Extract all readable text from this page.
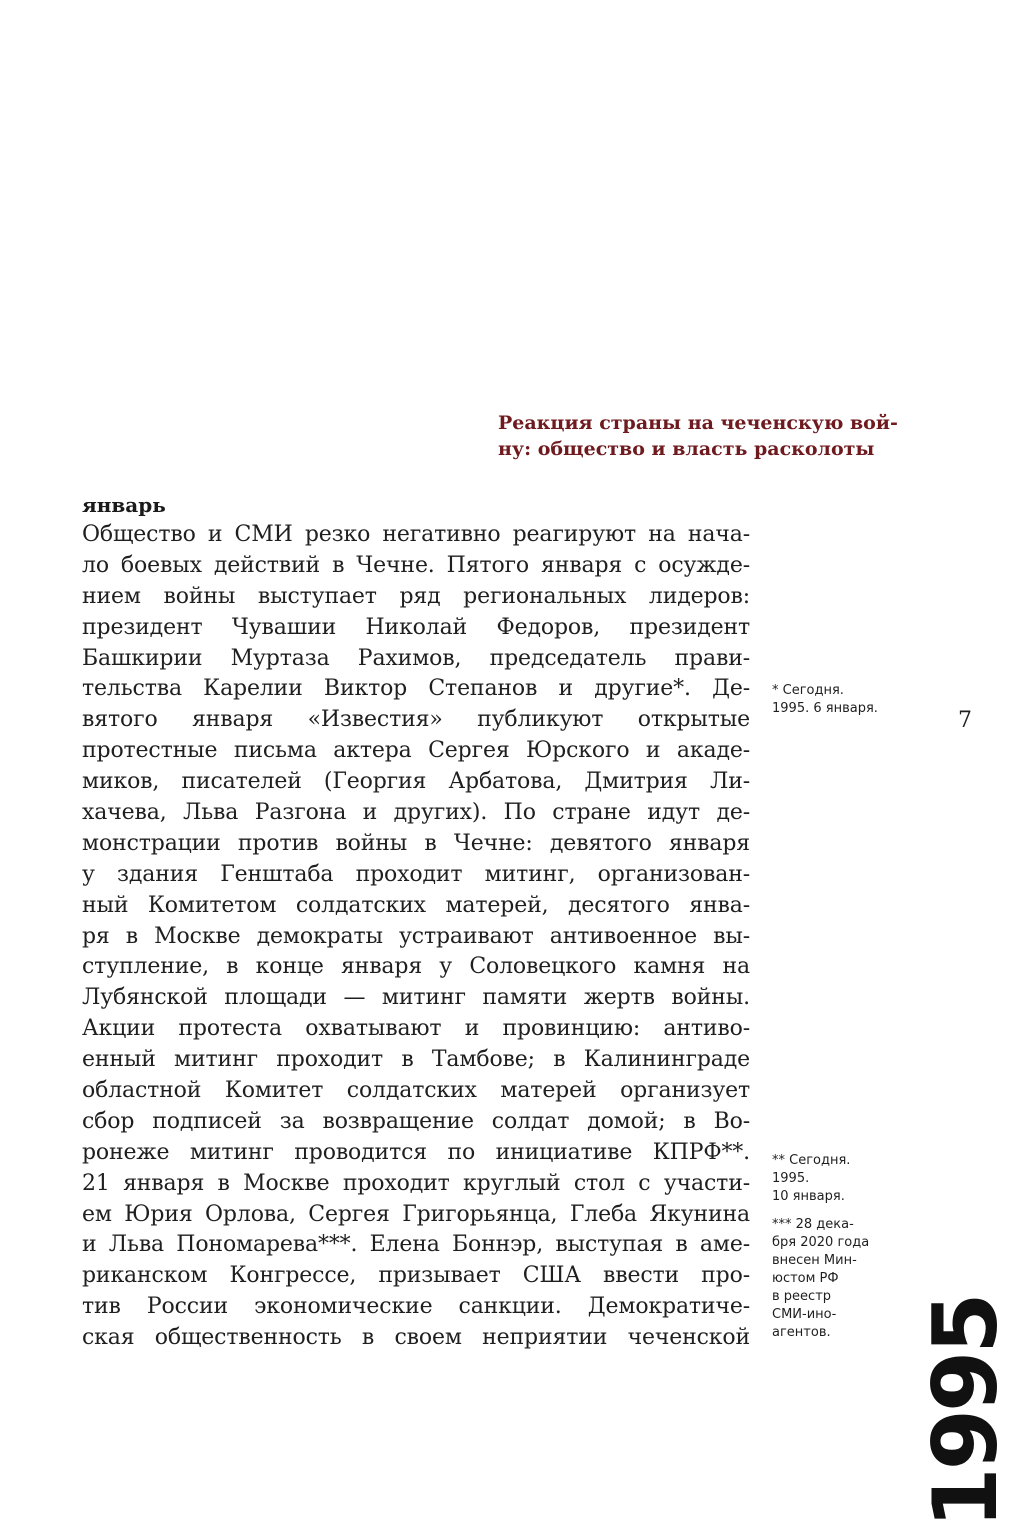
Реакция страны на чеченскую вой-
ну: общество и власть расколоты
январь
Общество и СМИ резко негативно реагируют на нача-
ло боевых действий в Чечне. Пятого января с осужде-
нием войны выступает ряд региональных лидеров:
президент Чувашии Николай Федоров, президент
Башкирии Муртаза Рахимов, председатель прави-
тельства Карелии Виктор Степанов и другие*. Де-
вятого января «Известия» публикуют открытые
протестные письма актера Сергея Юрского и акаде-
миков, писателей (Георгия Арбатова, Дмитрия Ли-
хачева, Льва Разгона и других). По стране идут де-
монстрации против войны в Чечне: девятого января
у здания Генштаба проходит митинг, организован-
ный Комитетом солдатских матерей, десятого янва-
ря в Москве демократы устраивают антивоенное вы-
ступление, в конце января у Соловецкого камня на
Лубянской площади — митинг памяти жертв войны.
Акции протеста охватывают и провинцию: антиво-
енный митинг проходит в Тамбове; в Калининграде
областной Комитет солдатских матерей организует
сбор подписей за возвращение солдат домой; в Во-
ронеже митинг проводится по инициативе КПРФ**.
21 января в Москве проходит круглый стол с участи-
ем Юрия Орлова, Сергея Григорьянца, Глеба Якунина
и Льва Пономарева***. Елена Боннэр, выступая в аме-
риканском Конгрессе, призывает США ввести про-
тив России экономические санкции. Демократиче-
ская общественность в своем неприятии чеченской
* Сегодня.
1995. 6 января.
** Сегодня.
1995.
10 января.
*** 28 дека-
бря 2020 года
внесен Мин-
юстом РФ
в реестр
СМИ-ино-
агентов.
7
1995
